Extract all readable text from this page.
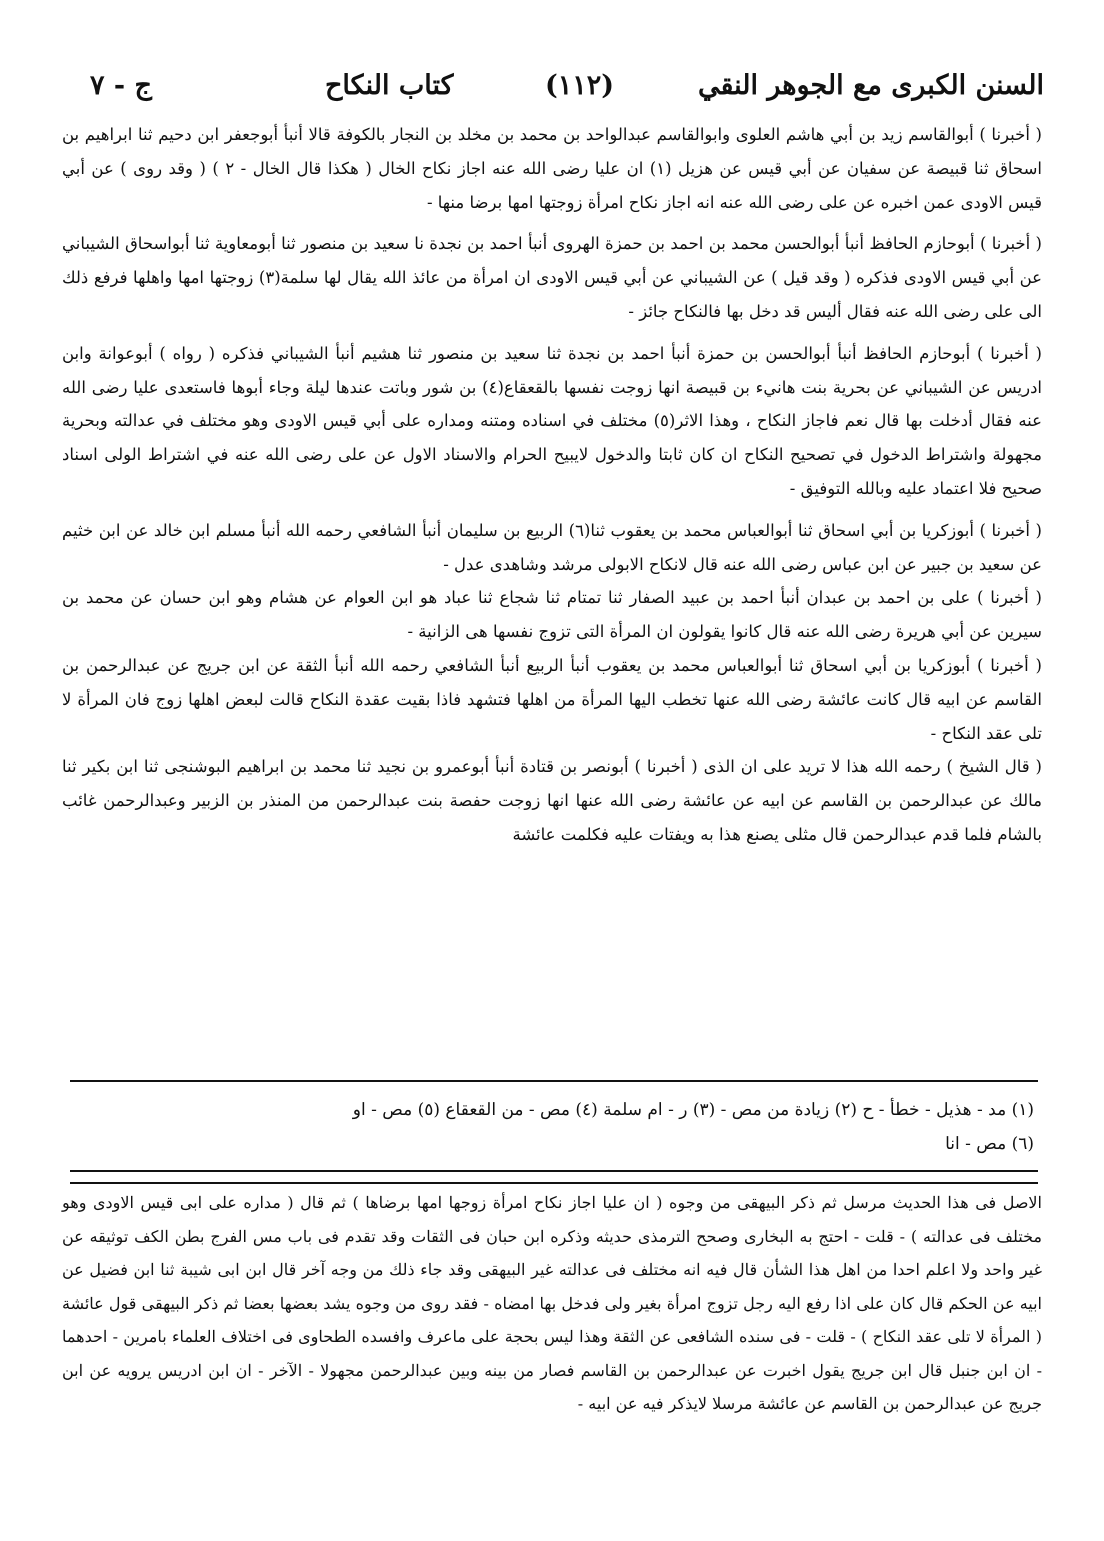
ج - ٧	كتاب النكاح	(١١٢)	السنن الكبرى مع الجوهر النقي

( أخبرنا ) أبوالقاسم زيد بن أبي هاشم العلوى وابوالقاسم عبدالواحد بن محمد بن مخلد بن النجار بالكوفة قالا أنبأ أبوجعفر ابن دحيم ثنا ابراهيم بن اسحاق ثنا قبيصة عن سفيان عن أبي قيس عن هزيل (١) ان عليا رضى الله عنه اجاز نكاح الخال ( هكذا قال الخال - ٢ ) ( وقد روى ) عن أبي قيس الاودى عمن اخبره عن على رضى الله عنه انه اجاز نكاح امرأة زوجتها امها برضا منها -

( أخبرنا ) أبوحازم الحافظ أنبأ أبوالحسن محمد بن احمد بن حمزة الهروى أنبأ احمد بن نجدة نا سعيد بن منصور ثنا أبومعاوية ثنا أبواسحاق الشيباني عن أبي قيس الاودى فذكره ( وقد قيل ) عن الشيباني عن أبي قيس الاودى ان امرأة من عائذ الله يقال لها سلمة(٣) زوجتها امها واهلها فرفع ذلك الى على رضى الله عنه فقال أليس قد دخل بها فالنكاح جائز -

( أخبرنا ) أبوحازم الحافظ أنبأ أبوالحسن بن حمزة أنبأ احمد بن نجدة ثنا سعيد بن منصور ثنا هشيم أنبأ الشيباني فذكره ( رواه ) أبوعوانة وابن ادريس عن الشيباني عن بحرية بنت هانيء بن قبيصة انها زوجت نفسها بالقعقاع(٤) بن شور وباتت عندها ليلة وجاء أبوها فاستعدى عليا رضى الله عنه فقال أدخلت بها قال نعم فاجاز النكاح ، وهذا الاثر(٥) مختلف في اسناده ومتنه ومداره على أبي قيس الاودى وهو مختلف في عدالته وبحرية مجهولة واشتراط الدخول في تصحيح النكاح ان كان ثابتا والدخول لايبيح الحرام والاسناد الاول عن على رضى الله عنه في اشتراط الولى اسناد صحيح فلا اعتماد عليه وبالله التوفيق -

( أخبرنا ) أبوزكريا بن أبي اسحاق ثنا أبوالعباس محمد بن يعقوب ثنا(٦) الربيع بن سليمان أنبأ الشافعي رحمه الله أنبأ مسلم ابن خالد عن ابن خثيم عن سعيد بن جبير عن ابن عباس رضى الله عنه قال لانكاح الابولى مرشد وشاهدى عدل -

( أخبرنا ) على بن احمد بن عبدان أنبأ احمد بن عبيد الصفار ثنا تمتام ثنا شجاع ثنا عباد هو ابن العوام عن هشام وهو ابن حسان عن محمد بن سيرين عن أبي هريرة رضى الله عنه قال كانوا يقولون ان المرأة التى تزوج نفسها هى الزانية -

( أخبرنا ) أبوزكريا بن أبي اسحاق ثنا أبوالعباس محمد بن يعقوب أنبأ الربيع أنبأ الشافعي رحمه الله أنبأ الثقة عن ابن جريج عن عبدالرحمن بن القاسم عن ابيه قال كانت عائشة رضى الله عنها تخطب اليها المرأة من اهلها فتشهد فاذا بقيت عقدة النكاح قالت لبعض اهلها زوج فان المرأة لا تلى عقد النكاح -

( قال الشيخ ) رحمه الله هذا لا تريد على ان الذى ( أخبرنا ) أبونصر بن قتادة أنبأ أبوعمرو بن نجيد ثنا محمد بن ابراهيم البوشنجى ثنا ابن بكير ثنا مالك عن عبدالرحمن بن القاسم عن ابيه عن عائشة رضى الله عنها انها زوجت حفصة بنت عبدالرحمن من المنذر بن الزبير وعبدالرحمن غائب بالشام فلما قدم عبدالرحمن قال مثلى يصنع هذا به ويفتات عليه فكلمت عائشة

(١) مد - هذيل - خطأ - ح (٢) زيادة من مص - (٣) ر - ام سلمة (٤) مص - من القعقاع (٥) مص - او
(٦) مص - انا
الاصل فى هذا الحديث مرسل ثم ذكر البيهقى من وجوه ( ان عليا اجاز نكاح امرأة زوجها امها برضاها ) ثم قال ( مداره على ابى قيس الاودى وهو مختلف فى عدالته ) - قلت - احتج به البخارى وصحح الترمذى حديثه وذكره ابن حبان فى الثقات وقد تقدم فى باب مس الفرج بطن الكف توثيقه عن غير واحد ولا اعلم احدا من اهل هذا الشأن قال فيه انه مختلف فى عدالته غير البيهقى وقد جاء ذلك من وجه آخر قال ابن ابى شيبة ثنا ابن فضيل عن ابيه عن الحكم قال كان على اذا رفع اليه رجل تزوج امرأة بغير ولى فدخل بها امضاه - فقد روى من وجوه يشد بعضها بعضا ثم ذكر البيهقى قول عائشة ( المرأة لا تلى عقد النكاح ) - قلت - فى سنده الشافعى عن الثقة وهذا ليس بحجة على ماعرف وافسده الطحاوى فى اختلاف العلماء بامرين - احدهما - ان ابن جنبل قال ابن جريج يقول اخبرت عن عبدالرحمن بن القاسم فصار من بينه وبين عبدالرحمن مجهولا - الآخر - ان ابن ادريس يرويه عن ابن جريج عن عبدالرحمن بن القاسم عن عائشة مرسلا لايذكر فيه عن ابيه -
